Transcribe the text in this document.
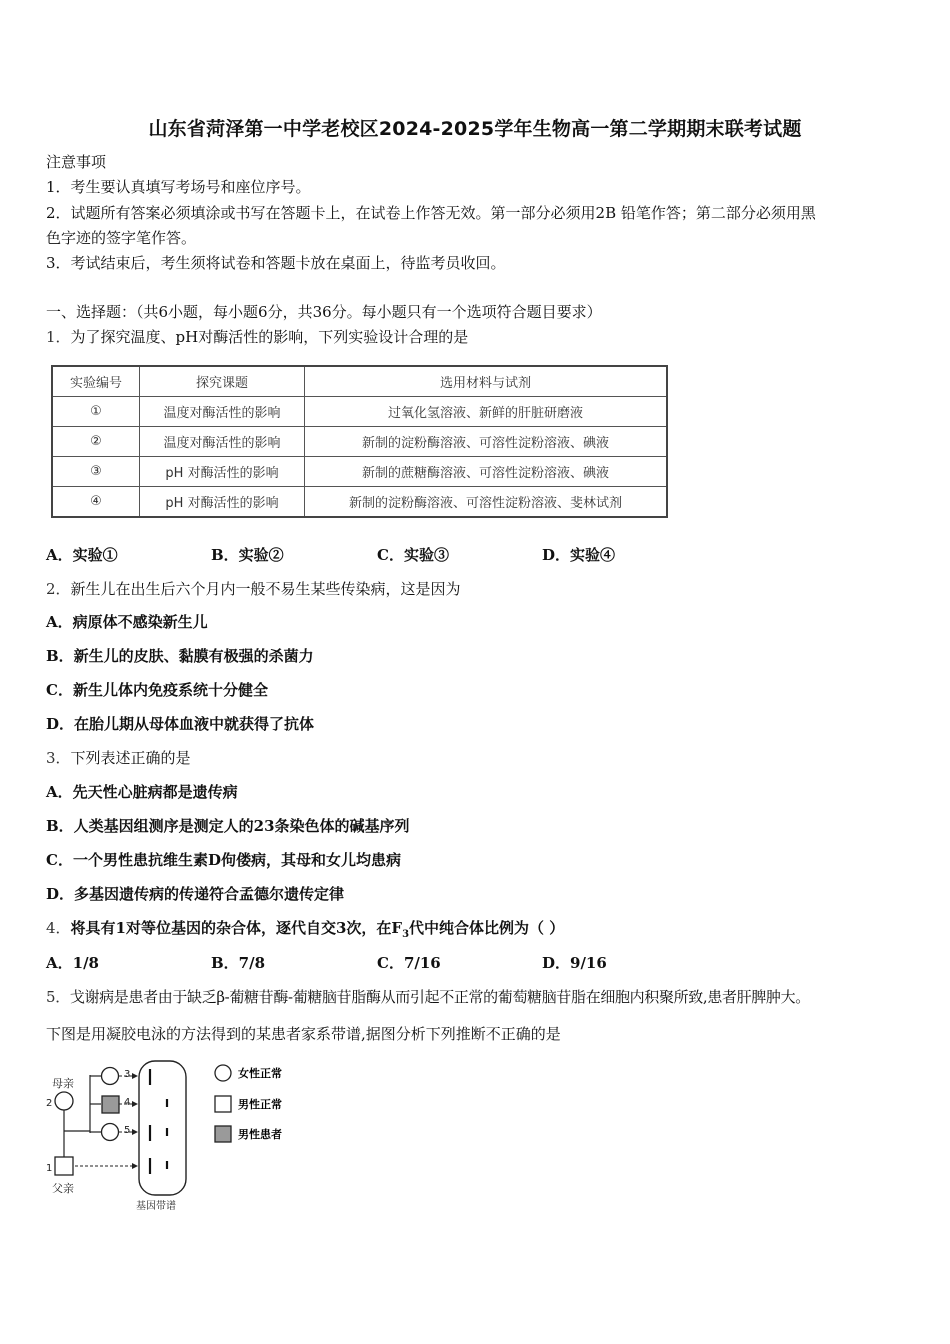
山东省菏泽第一中学老校区2024-2025学年生物高一第二学期期末联考试题
注意事项
1．考生要认真填写考场号和座位序号。
2．试题所有答案必须填涂或书写在答题卡上，在试卷上作答无效。第一部分必须用2B 铅笔作答；第二部分必须用黑
色字迹的签字笔作答。
3．考试结束后，考生须将试卷和答题卡放在桌面上，待监考员收回。
一、选择题：（共6小题，每小题6分，共36分。每小题只有一个选项符合题目要求）
1．为了探究温度、pH对酶活性的影响，下列实验设计合理的是
实验编号	探究课题	选用材料与试剂
①	温度对酶活性的影响	过氧化氢溶液、新鲜的肝脏研磨液
②	温度对酶活性的影响	新制的淀粉酶溶液、可溶性淀粉溶液、碘液
③	pH 对酶活性的影响	新制的蔗糖酶溶液、可溶性淀粉溶液、碘液
④	pH 对酶活性的影响	新制的淀粉酶溶液、可溶性淀粉溶液、斐林试剂
A．实验①	B．实验②	C．实验③	D．实验④
2．新生儿在出生后六个月内一般不易生某些传染病，这是因为
A．病原体不感染新生儿
B．新生儿的皮肤、黏膜有极强的杀菌力
C．新生儿体内免疫系统十分健全
D．在胎儿期从母体血液中就获得了抗体
3．下列表述正确的是
A．先天性心脏病都是遗传病
B．人类基因组测序是测定人的23条染色体的碱基序列
C．一个男性患抗维生素D佝偻病，其母和女儿均患病
D．多基因遗传病的传递符合孟德尔遗传定律
4．将具有1对等位基因的杂合体，逐代自交3次，在$F_3$代中纯合体比例为（ ）
A．1/8	B．7/8	C．7/16	D．9/16
5．戈谢病是患者由于缺乏β-葡糖苷酶-葡糖脑苷脂酶从而引起不正常的葡萄糖脑苷脂在细胞内积聚所致,患者肝脾肿大。
下图是用凝胶电泳的方法得到的某患者家系带谱,据图分析下列推断不正确的是
母亲
2
1
父亲
3
4
5
基因带谱
女性正常
男性正常
男性患者
